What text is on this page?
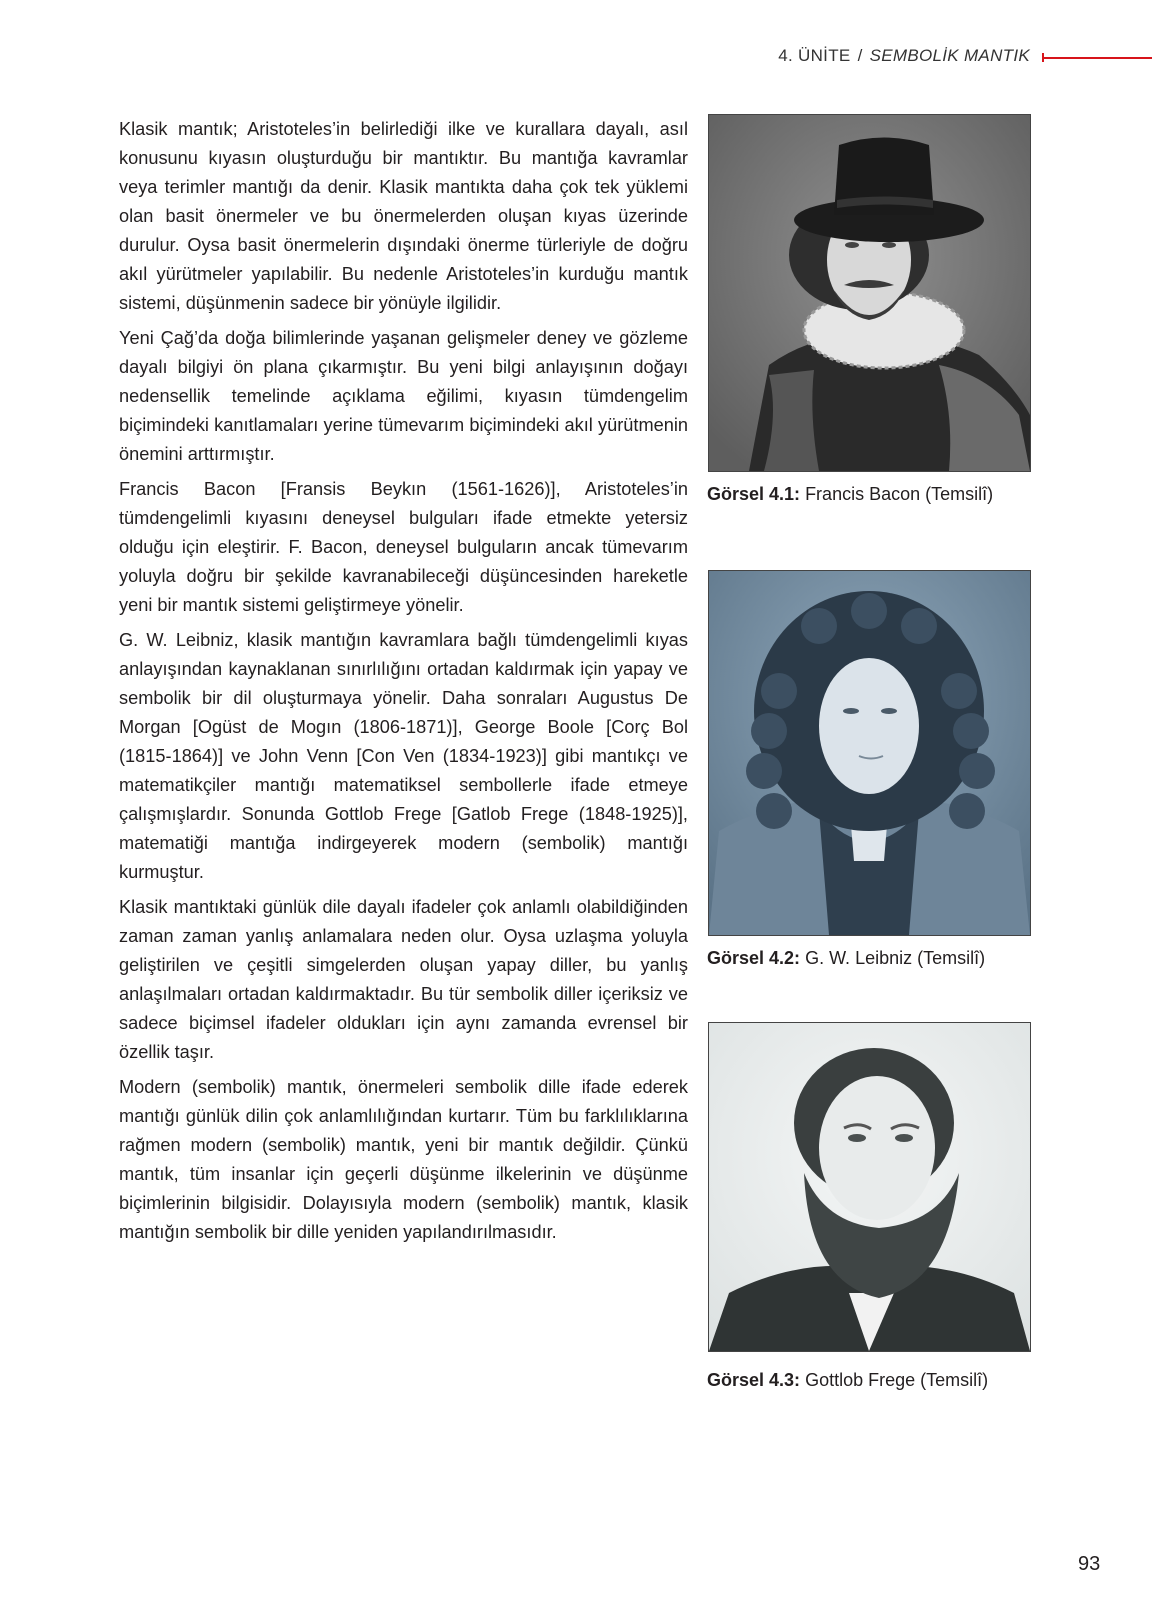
4. ÜNİTE / SEMBOLİK MANTIK

Klasik mantık; Aristoteles’in belirlediği ilke ve kurallara dayalı, asıl konusunu kıyasın oluşturduğu bir mantıktır. Bu mantığa kavramlar veya terimler mantığı da denir. Klasik mantıkta daha çok tek yüklemi olan basit önermeler ve bu önermelerden oluşan kıyas üzerinde durulur. Oysa basit önermelerin dışındaki önerme türleriyle de doğru akıl yürütmeler yapılabilir. Bu nedenle Aristoteles’in kurduğu mantık sistemi, düşünmenin sadece bir yönüyle ilgilidir.

Yeni Çağ’da doğa bilimlerinde yaşanan gelişmeler deney ve gözleme dayalı bilgiyi ön plana çıkarmıştır. Bu yeni bilgi anlayışının doğayı nedensellik temelinde açıklama eğilimi, kıyasın tümdengelim biçimindeki kanıtlamaları yerine tümevarım biçimindeki akıl yürütmenin önemini arttırmıştır.

Francis Bacon [Fransis Beykın (1561-1626)], Aristoteles’in tümdengelimli kıyasını deneysel bulguları ifade etmekte yetersiz olduğu için eleştirir. F. Bacon, deneysel bulguların ancak tümevarım yoluyla doğru bir şekilde kavranabileceği düşüncesinden hareketle yeni bir mantık sistemi geliştirmeye yönelir.

G. W. Leibniz, klasik mantığın kavramlara bağlı tümdengelimli kıyas anlayışından kaynaklanan sınırlılığını ortadan kaldırmak için yapay ve sembolik bir dil oluşturmaya yönelir. Daha sonraları Augustus De Morgan [Ogüst de Mogın (1806-1871)], George Boole [Corç Bol (1815-1864)] ve John Venn [Con Ven (1834-1923)] gibi mantıkçı ve matematikçiler mantığı matematiksel sembollerle ifade etmeye çalışmışlardır. Sonunda Gottlob Frege [Gatlob Frege (1848-1925)], matematiği mantığa indirgeyerek modern (sembolik) mantığı kurmuştur.

Klasik mantıktaki günlük dile dayalı ifadeler çok anlamlı olabildiğinden zaman zaman yanlış anlamalara neden olur. Oysa uzlaşma yoluyla geliştirilen ve çeşitli simgelerden oluşan yapay diller, bu yanlış anlaşılmaları ortadan kaldırmaktadır. Bu tür sembolik diller içeriksiz ve sadece biçimsel ifadeler oldukları için aynı zamanda evrensel bir özellik taşır.

Modern (sembolik) mantık, önermeleri sembolik dille ifade ederek mantığı günlük dilin çok anlamlılığından kurtarır. Tüm bu farklılıklarına rağmen modern (sembolik) mantık, yeni bir mantık değildir. Çünkü mantık, tüm insanlar için geçerli düşünme ilkelerinin ve düşünme biçimlerinin bilgisidir. Dolayısıyla modern (sembolik) mantık, klasik mantığın sembolik bir dille yeniden yapılandırılmasıdır.

Görsel 4.1: Francis Bacon (Temsilî)
Görsel 4.2: G. W. Leibniz (Temsilî)
Görsel 4.3: Gottlob Frege (Temsilî)
93
